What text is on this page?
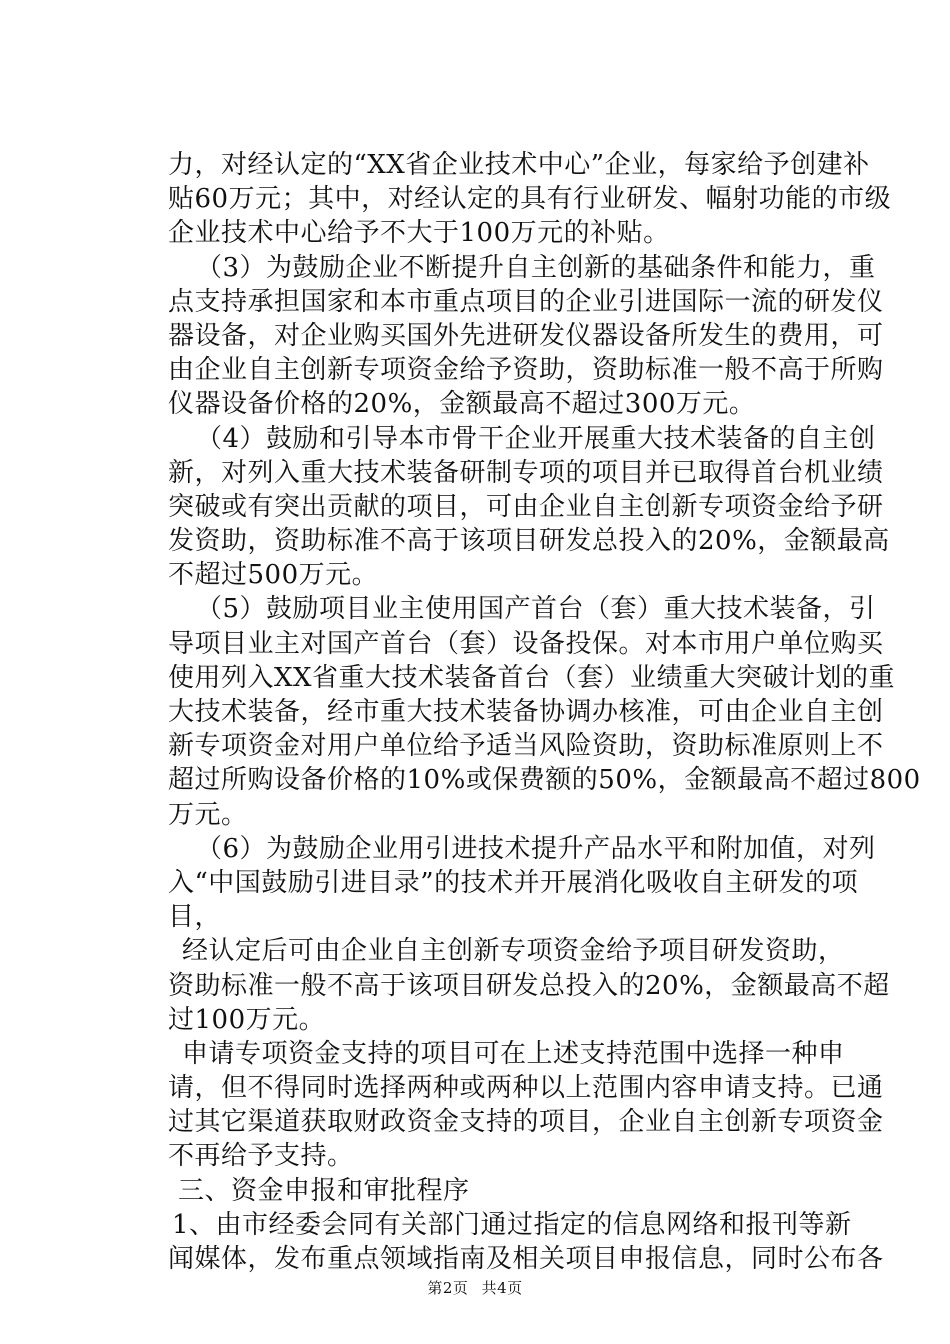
力，对经认定的“XX省企业技术中心”企业，每家给予创建补
贴60万元；其中，对经认定的具有行业研发、幅射功能的市级
企业技术中心给予不大于100万元的补贴。
（3）为鼓励企业不断提升自主创新的基础条件和能力，重
点支持承担国家和本市重点项目的企业引进国际一流的研发仪
器设备，对企业购买国外先进研发仪器设备所发生的费用，可
由企业自主创新专项资金给予资助，资助标准一般不高于所购
仪器设备价格的20%，金额最高不超过300万元。
（4）鼓励和引导本市骨干企业开展重大技术装备的自主创
新，对列入重大技术装备研制专项的项目并已取得首台机业绩
突破或有突出贡献的项目，可由企业自主创新专项资金给予研
发资助，资助标准不高于该项目研发总投入的20%，金额最高
不超过500万元。
（5）鼓励项目业主使用国产首台（套）重大技术装备，引
导项目业主对国产首台（套）设备投保。对本市用户单位购买
使用列入XX省重大技术装备首台（套）业绩重大突破计划的重
大技术装备，经市重大技术装备协调办核准，可由企业自主创
新专项资金对用户单位给予适当风险资助，资助标准原则上不
超过所购设备价格的10%或保费额的50%，金额最高不超过800
万元。
（6）为鼓励企业用引进技术提升产品水平和附加值，对列
入“中国鼓励引进目录”的技术并开展消化吸收自主研发的项
目，
经认定后可由企业自主创新专项资金给予项目研发资助，
资助标准一般不高于该项目研发总投入的20%，金额最高不超
过100万元。
申请专项资金支持的项目可在上述支持范围中选择一种申
请，但不得同时选择两种或两种以上范围内容申请支持。已通
过其它渠道获取财政资金支持的项目，企业自主创新专项资金
不再给予支持。
三、资金申报和审批程序
1、由市经委会同有关部门通过指定的信息网络和报刊等新
闻媒体，发布重点领域指南及相关项目申报信息，同时公布各
第2页 共4页
